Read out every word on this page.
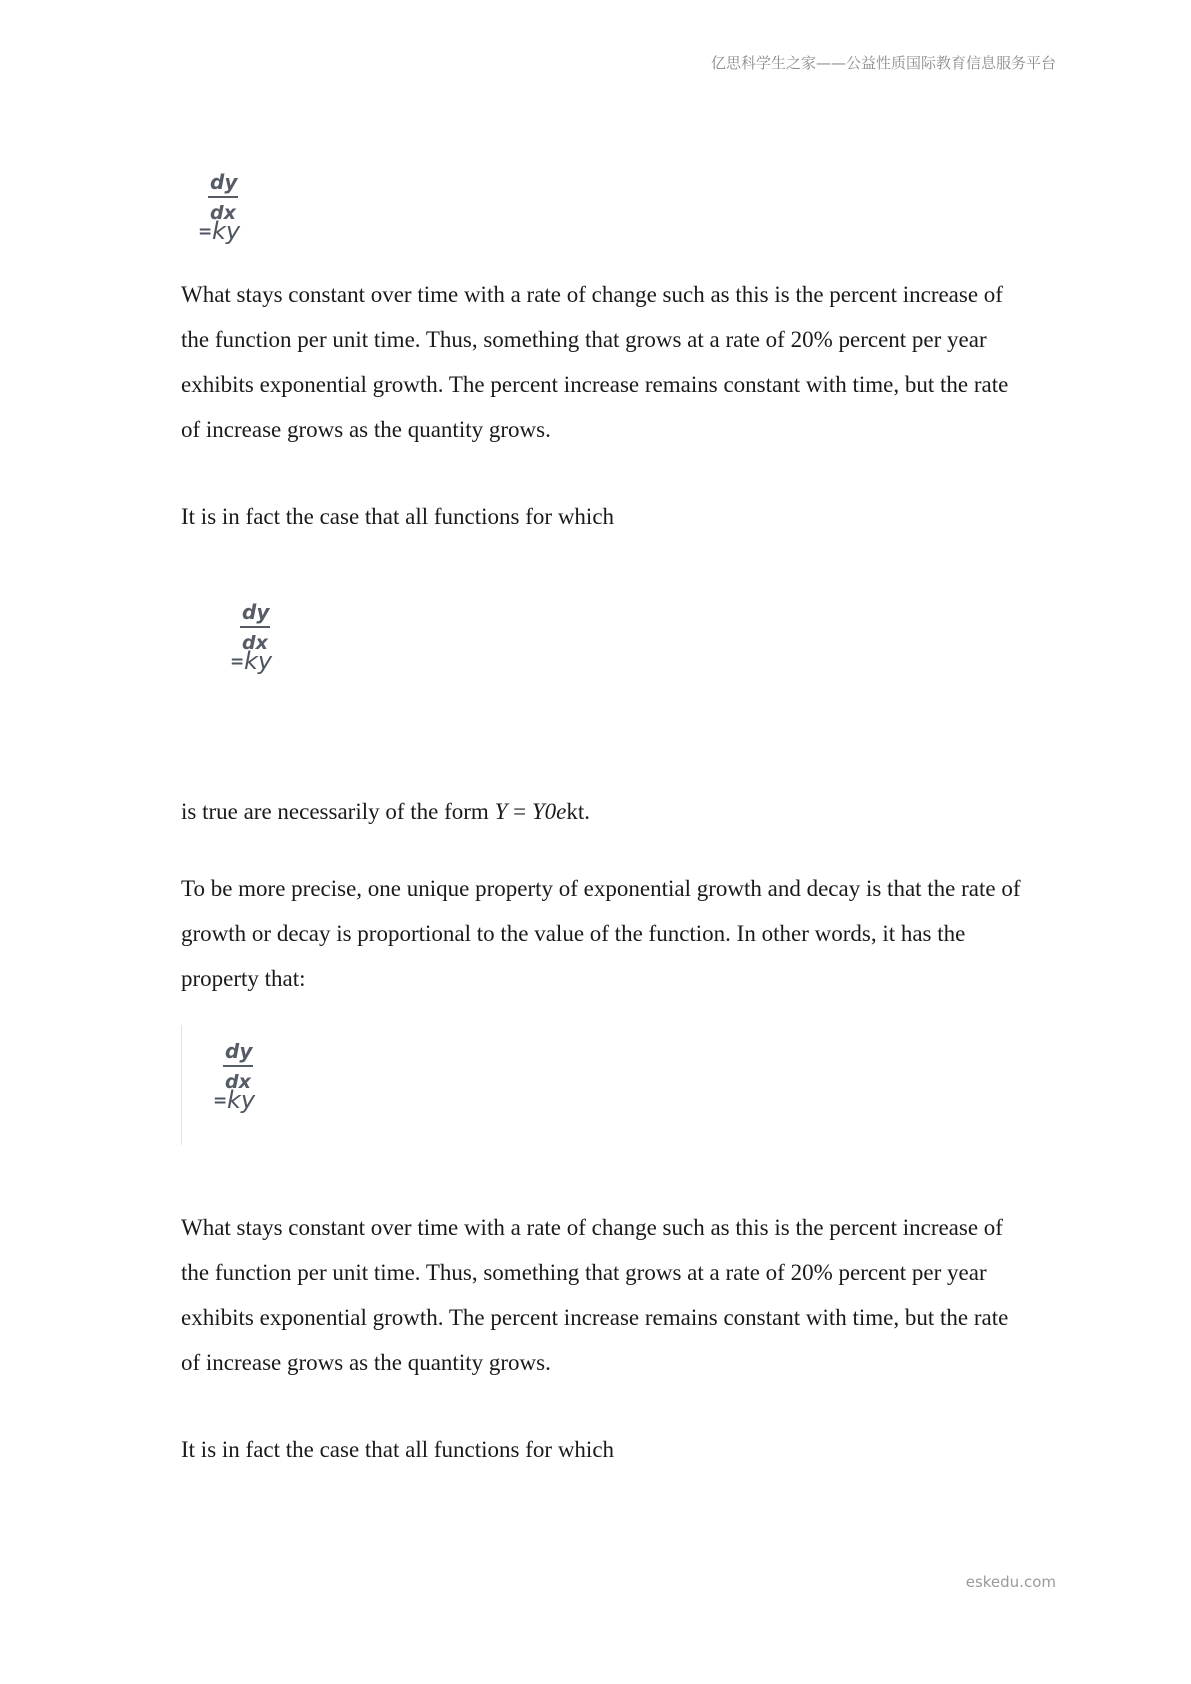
亿思科学生之家——公益性质国际教育信息服务平台
dy
dx
= ky

What stays constant over time with a rate of change such as this is the percent increase of the function per unit time. Thus, something that grows at a rate of 20% percent per year exhibits exponential growth. The percent increase remains constant with time, but the rate of increase grows as the quantity grows.

It is in fact the case that all functions for which

dy
dx
= ky

is true are necessarily of the form Y = Y0ekt.

To be more precise, one unique property of exponential growth and decay is that the rate of growth or decay is proportional to the value of the function. In other words, it has the property that:

dy
dx
= ky

What stays constant over time with a rate of change such as this is the percent increase of the function per unit time. Thus, something that grows at a rate of 20% percent per year exhibits exponential growth. The percent increase remains constant with time, but the rate of increase grows as the quantity grows.

It is in fact the case that all functions for which

eskedu.com
